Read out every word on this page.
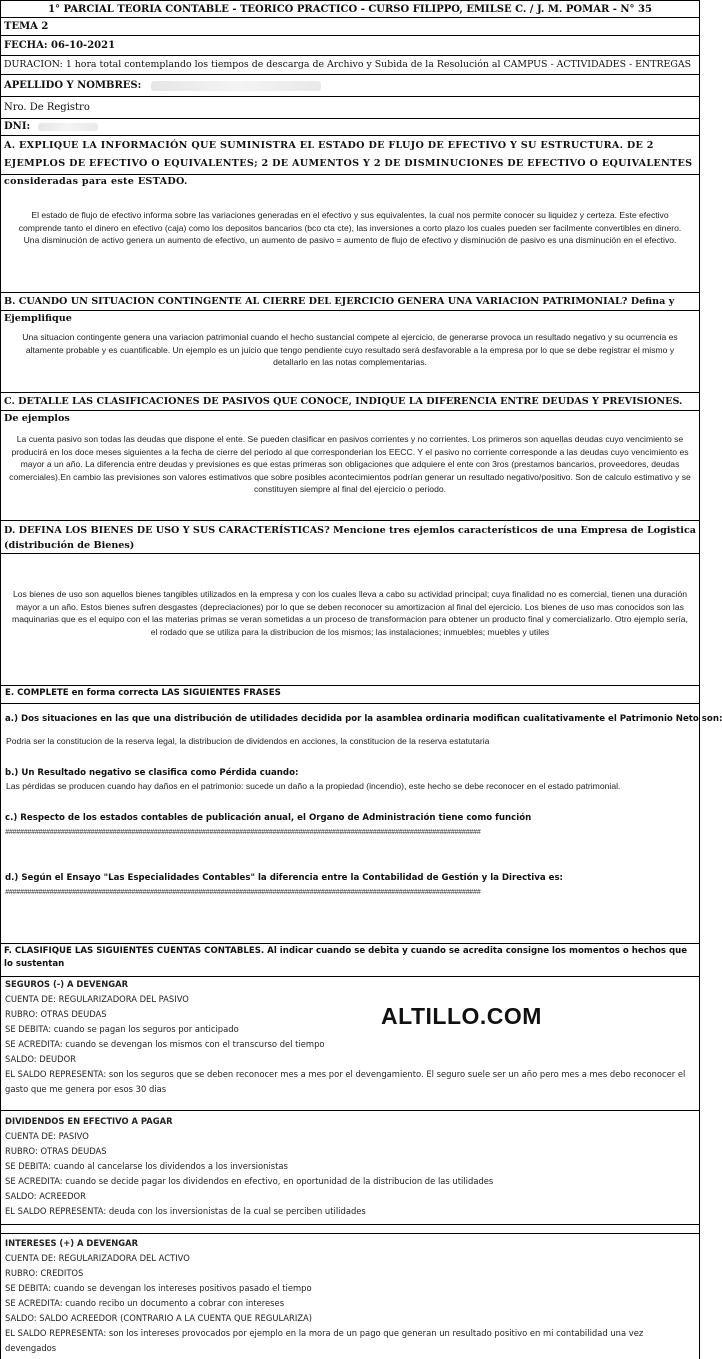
1° PARCIAL TEORIA CONTABLE - TEORICO PRACTICO - CURSO FILIPPO, EMILSE C. / J. M. POMAR - N° 35
TEMA 2
FECHA: 06-10-2021
DURACION: 1 hora total contemplando los tiempos de descarga de Archivo y Subida de la Resolución al CAMPUS - ACTIVIDADES - ENTREGAS
APELLIDO Y NOMBRES:
Nro. De Registro
DNI:
A. EXPLIQUE LA INFORMACIÓN QUE SUMINISTRA EL ESTADO DE FLUJO DE EFECTIVO Y SU ESTRUCTURA. DE 2 EJEMPLOS DE EFECTIVO O EQUIVALENTES; 2 DE AUMENTOS Y 2 DE DISMINUCIONES DE EFECTIVO O EQUIVALENTES consideradas para este ESTADO.
El estado de flujo de efectivo informa sobre las variaciones generadas en el efectivo y sus equivalentes, la cual nos permite conocer su liquidez y certeza. Este efectivo comprende tanto el dinero en efectivo (caja) como los depositos bancarios (bco cta cte), las inversiones a corto plazo los cuales pueden ser facilmente convertibles en dinero. Una disminución de activo genera un aumento de efectivo, un aumento de pasivo = aumento de flujo de efectivo y disminución de pasivo es una disminución en el efectivo.
B. CUANDO UN SITUACION CONTINGENTE AL CIERRE DEL EJERCICIO GENERA UNA VARIACION PATRIMONIAL? Defina y Ejemplifique
Una situacion contingente genera una variacion patrimonial cuando el hecho sustancial compete al ejercicio, de generarse provoca un resultado negativo y su ocurrencia es altamente probable y es cuantificable. Un ejemplo es un juicio que tengo pendiente cuyo resultado será desfavorable a la empresa por lo que se debe registrar el mismo y detallarlo en las notas complementarias.
C. DETALLE LAS CLASIFICACIONES DE PASIVOS QUE CONOCE, INDIQUE LA DIFERENCIA ENTRE DEUDAS Y PREVISIONES. De ejemplos
La cuenta pasivo son todas las deudas que dispone el ente. Se pueden clasificar en pasivos corrientes y no corrientes. Los primeros son aquellas deudas cuyo vencimiento se producirá en los doce meses siguientes a la fecha de cierre del periodo al que corresponderian los EECC. Y el pasivo no corriente corresponde a las deudas cuyo vencimiento es mayor a un año. La diferencia entre deudas y previsiones es que estas primeras son obligaciones que adquiere el ente con 3ros (prestamos bancarios, proveedores, deudas comerciales).En cambio las previsiones son valores estimativos que sobre posibles acontecimientos podrían generar un resultado negativo/positivo. Son de calculo estimativo y se constituyen siempre al final del ejercicio o periodo.
D. DEFINA LOS BIENES DE USO Y SUS CARACTERÍSTICAS? Mencione tres ejemlos característicos de una Empresa de Logistica (distribución de Bienes)
Los bienes de uso son aquellos bienes tangibles utilizados en la empresa y con los cuales lleva a cabo su actividad principal; cuya finalidad no es comercial, tienen una duración mayor a un año. Estos bienes sufren desgastes (depreciaciones) por lo que se deben reconocer su amortizacion al final del ejercicio. Los bienes de uso mas conocidos son las maquinarias que es el equipo con el las materias primas se veran sometidas a un proceso de transformacion para obtener un producto final y comercializarlo. Otro ejemplo sería, el rodado que se utiliza para la distribucion de los mismos; las instalaciones; inmuebles; muebles y utiles
E. COMPLETE en forma correcta LAS SIGUIENTES FRASES
a.) Dos situaciones en las que una distribución de utilidades decidida por la asamblea ordinaria modifican cualitativamente el Patrimonio Neto son:
Podria ser la constitucion de la reserva legal, la distribucion de dividendos en acciones, la constitucion de la reserva estatutaria
b.) Un Resultado negativo se clasifica como Pérdida cuando:
Las pérdidas se producen cuando hay daños en el patrimonio: sucede un daño a la propiedad (incendio), este hecho se debe reconocer en el estado patrimonial.
c.) Respecto de los estados contables de publicación anual, el Organo de Administración tiene como función
################################################################################################################################
d.) Según el Ensayo "Las Especialidades Contables" la diferencia entre la Contabilidad de Gestión y la Directiva es:
################################################################################################################################
F. CLASIFIQUE LAS SIGUIENTES CUENTAS CONTABLES. Al indicar cuando se debita y cuando se acredita consigne los momentos o hechos que lo sustentan
SEGUROS (-) A DEVENGAR
CUENTA DE: REGULARIZADORA DEL PASIVO
RUBRO: OTRAS DEUDAS
SE DEBITA: cuando se pagan los seguros por anticipado
SE ACREDITA: cuando se devengan los mismos con el transcurso del tiempo
SALDO: DEUDOR
EL SALDO REPRESENTA: son los seguros que se deben reconocer mes a mes por el devengamiento. El seguro suele ser un año pero mes a mes debo reconocer el gasto que me genera por esos 30 dias
DIVIDENDOS EN EFECTIVO A PAGAR
CUENTA DE: PASIVO
RUBRO: OTRAS DEUDAS
SE DEBITA: cuando al cancelarse los dividendos a los inversionistas
SE ACREDITA: cuando se decide pagar los dividendos en efectivo, en oportunidad de la distribucion de las utilidades
SALDO: ACREEDOR
EL SALDO REPRESENTA: deuda con los inversionistas de la cual se perciben utilidades
INTERESES (+) A DEVENGAR
CUENTA DE: REGULARIZADORA DEL ACTIVO
RUBRO: CREDITOS
SE DEBITA: cuando se devengan los intereses positivos pasado el tiempo
SE ACREDITA: cuando recibo un documento a cobrar con intereses
SALDO: SALDO ACREEDOR (CONTRARIO A LA CUENTA QUE REGULARIZA)
EL SALDO REPRESENTA: son los intereses provocados por ejemplo en la mora de un pago que generan un resultado positivo en mi contabilidad una vez devengados
ALTILLO.COM
